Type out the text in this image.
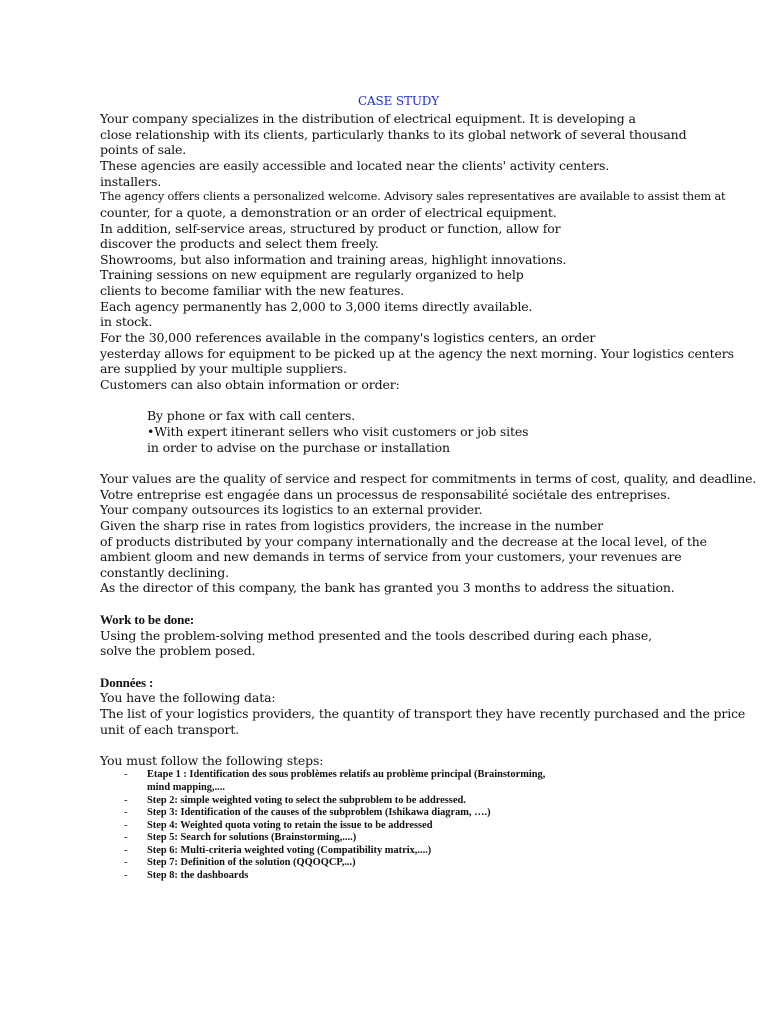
CASE STUDY
Your company specializes in the distribution of electrical equipment. It is developing a
close relationship with its clients, particularly thanks to its global network of several thousand
points of sale.
These agencies are easily accessible and located near the clients' activity centers.
installers.
The agency offers clients a personalized welcome. Advisory sales representatives are available to assist them at
counter, for a quote, a demonstration or an order of electrical equipment.
In addition, self-service areas, structured by product or function, allow for
discover the products and select them freely.
Showrooms, but also information and training areas, highlight innovations.
Training sessions on new equipment are regularly organized to help
clients to become familiar with the new features.
Each agency permanently has 2,000 to 3,000 items directly available.
in stock.
For the 30,000 references available in the company's logistics centers, an order
yesterday allows for equipment to be picked up at the agency the next morning. Your logistics centers
are supplied by your multiple suppliers.
Customers can also obtain information or order:
By phone or fax with call centers.
•With expert itinerant sellers who visit customers or job sites
in order to advise on the purchase or installation
Your values are the quality of service and respect for commitments in terms of cost, quality, and deadline.
Votre entreprise est engagée dans un processus de responsabilité sociétale des entreprises.
Your company outsources its logistics to an external provider.
Given the sharp rise in rates from logistics providers, the increase in the number
of products distributed by your company internationally and the decrease at the local level, of the
ambient gloom and new demands in terms of service from your customers, your revenues are
constantly declining.
As the director of this company, the bank has granted you 3 months to address the situation.
Work to be done:
Using the problem-solving method presented and the tools described during each phase,
solve the problem posed.
Données :
You have the following data:
The list of your logistics providers, the quantity of transport they have recently purchased and the price
unit of each transport.
You must follow the following steps:
- Etape 1 : Identification des sous problèmes relatifs au problème principal (Brainstorming,
mind mapping,....
- Step 2: simple weighted voting to select the subproblem to be addressed.
- Step 3: Identification of the causes of the subproblem (Ishikawa diagram, ….)
- Step 4: Weighted quota voting to retain the issue to be addressed
- Step 5: Search for solutions (Brainstorming,....)
- Step 6: Multi-criteria weighted voting (Compatibility matrix,....)
- Step 7: Definition of the solution (QQOQCP,...)
- Step 8: the dashboards
